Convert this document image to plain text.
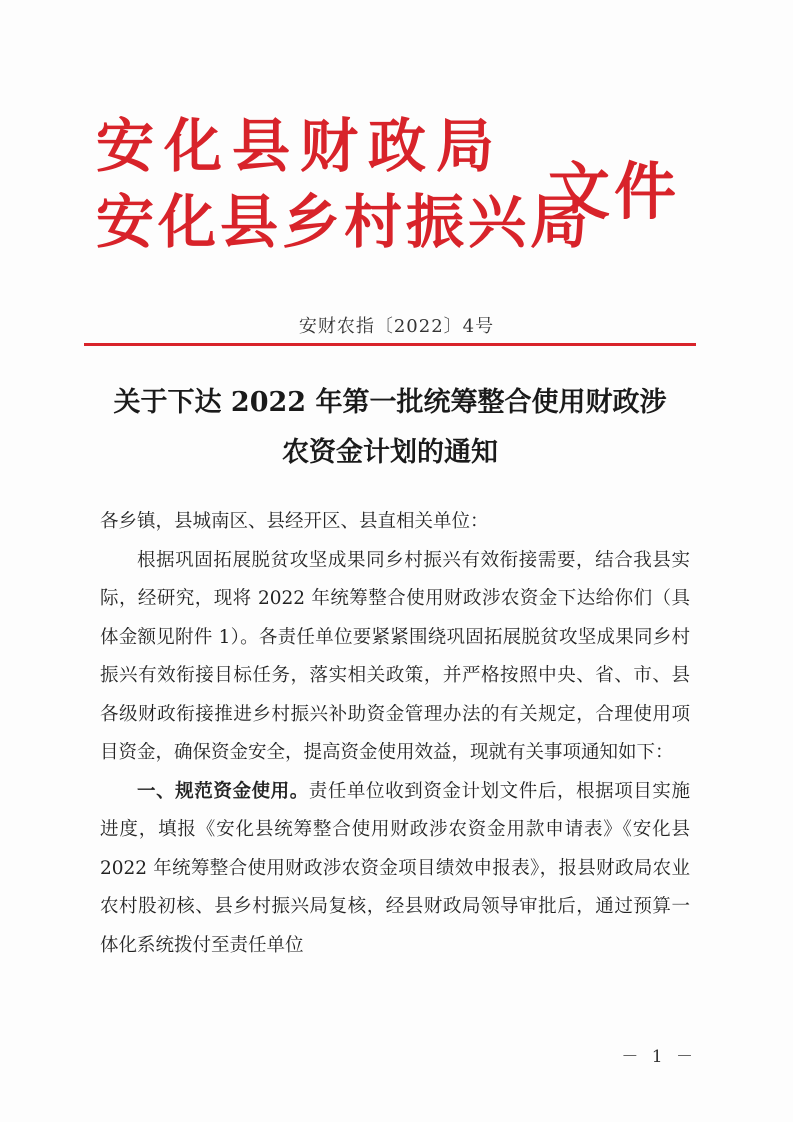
安化县财政局
安化县乡村振兴局
文件
安财农指〔2022〕4号
关于下达 2022 年第一批统筹整合使用财政涉
农资金计划的通知

各乡镇，县城南区、县经开区、县直相关单位：

根据巩固拓展脱贫攻坚成果同乡村振兴有效衔接需要，结合我县实际，经研究，现将 2022 年统筹整合使用财政涉农资金下达给你们（具体金额见附件 1）。各责任单位要紧紧围绕巩固拓展脱贫攻坚成果同乡村振兴有效衔接目标任务，落实相关政策，并严格按照中央、省、市、县各级财政衔接推进乡村振兴补助资金管理办法的有关规定，合理使用项目资金，确保资金安全，提高资金使用效益，现就有关事项通知如下：

一、规范资金使用。责任单位收到资金计划文件后，根据项目实施进度，填报《安化县统筹整合使用财政涉农资金用款申请表》《安化县 2022 年统筹整合使用财政涉农资金项目绩效申报表》，报县财政局农业农村股初核、县乡村振兴局复核，经县财政局领导审批后，通过预算一体化系统拨付至责任单位

－ 1 －
